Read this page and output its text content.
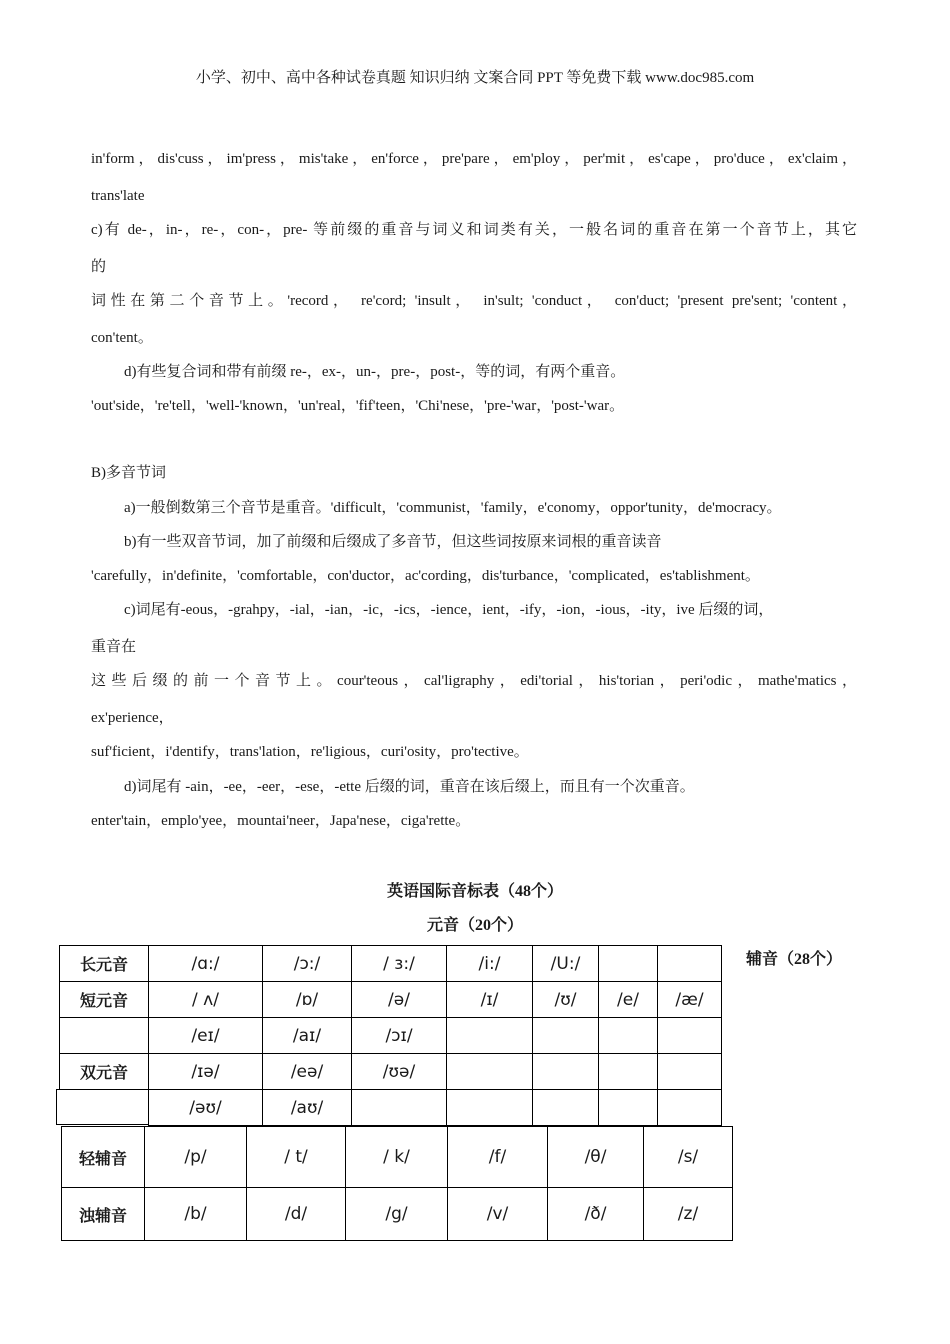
小学、初中、高中各种试卷真题 知识归纳 文案合同 PPT 等免费下载 www.doc985.com
in'form，dis'cuss，im'press，mis'take，en'force，pre'pare，em'ploy，per'mit，es'cape，pro'duce，ex'claim，
trans'late
c)有 de-，in-，re-，con-，pre- 等前缀的重音与词义和词类有关，一般名词的重音在第一个音节上，其它
的
词性在第二个音节上。'record， re'cord; 'insult， in'sult; 'conduct， con'duct; 'present pre'sent; 'content，
con'tent。
d)有些复合词和带有前缀 re-，ex-，un-，pre-，post-，等的词，有两个重音。
'out'side，'re'tell，'well-'known，'un'real，'fif'teen，'Chi'nese，'pre-'war，'post-'war。
B)多音节词
a)一般倒数第三个音节是重音。'difficult，'communist，'family，e'conomy，oppor'tunity，de'mocracy。
b)有一些双音节词，加了前缀和后缀成了多音节，但这些词按原来词根的重音读音
'carefully，in'definite，'comfortable，con'ductor，ac'cording，dis'turbance，'complicated，es'tablishment。
c)词尾有-eous，-grahpy，-ial，-ian，-ic，-ics，-ience，ient，-ify，-ion，-ious，-ity，ive 后缀的词，
重音在
这些后缀的前一个音节上。cour'teous，cal'ligraphy，edi'torial，his'torian，peri'odic，mathe'matics，
ex'perience，
suf'ficient，i'dentify，trans'lation，re'ligious，curi'osity，pro'tective。
d)词尾有 -ain，-ee，-eer，-ese，-ette 后缀的词，重音在该后缀上，而且有一个次重音。
enter'tain，emplo'yee，mountai'neer，Japa'nese，ciga'rette。
英语国际音标表（48个）
元音（20个）
辅音（28个）
长元音	/ɑ:/	/ɔ:/	/ ɜ:/	/i:/	/U:/		
短元音	/ ʌ/	/ɒ/	/ə/	/ɪ/	/ʊ/	/e/	/æ/
	/eɪ/	/aɪ/	/ɔɪ/				
双元音	/ɪə/	/eə/	/ʊə/				
	/əʊ/	/aʊ/					
轻辅音	/p/	/ t/	/ k/	/f/	/θ/	/s/
浊辅音	/b/	/d/	/g/	/v/	/ð/	/z/
